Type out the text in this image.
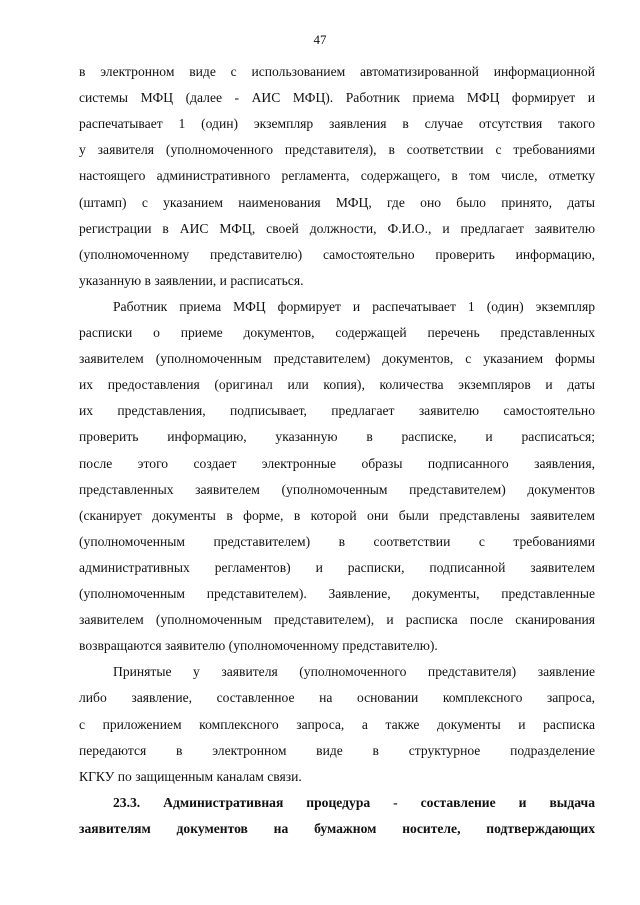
47
в электронном виде с использованием автоматизированной информационной
системы МФЦ (далее - АИС МФЦ). Работник приема МФЦ формирует и
распечатывает 1 (один) экземпляр заявления в случае отсутствия такого
у заявителя (уполномоченного представителя), в соответствии с требованиями
настоящего административного регламента, содержащего, в том числе, отметку
(штамп) с указанием наименования МФЦ, где оно было принято, даты
регистрации в АИС МФЦ, своей должности, Ф.И.О., и предлагает заявителю
(уполномоченному представителю) самостоятельно проверить информацию,
указанную в заявлении, и расписаться.
Работник приема МФЦ формирует и распечатывает 1 (один) экземпляр
расписки о приеме документов, содержащей перечень представленных
заявителем (уполномоченным представителем) документов, с указанием формы
их предоставления (оригинал или копия), количества экземпляров и даты
их представления, подписывает, предлагает заявителю самостоятельно
проверить информацию, указанную в расписке, и расписаться;
после этого создает электронные образы подписанного заявления,
представленных заявителем (уполномоченным представителем) документов
(сканирует документы в форме, в которой они были представлены заявителем
(уполномоченным представителем) в соответствии с требованиями
административных регламентов) и расписки, подписанной заявителем
(уполномоченным представителем). Заявление, документы, представленные
заявителем (уполномоченным представителем), и расписка после сканирования
возвращаются заявителю (уполномоченному представителю).
Принятые у заявителя (уполномоченного представителя) заявление
либо заявление, составленное на основании комплексного запроса,
с приложением комплексного запроса, а также документы и расписка
передаются в электронном виде в структурное подразделение
КГКУ по защищенным каналам связи.
23.3. Административная процедура - составление и выдача
заявителям документов на бумажном носителе, подтверждающих
